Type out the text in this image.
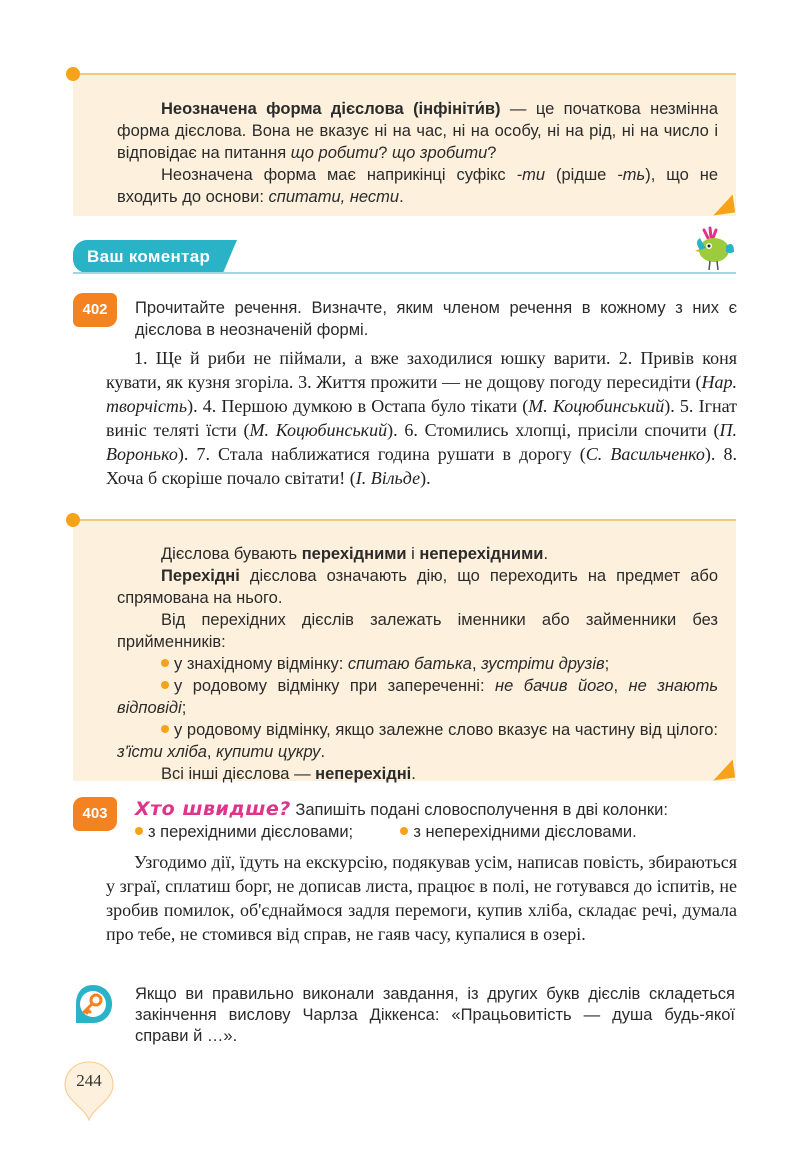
Неозначена форма дієслова (інфініти́в) — це початкова незмінна форма дієслова. Вона не вказує ні на час, ні на особу, ні на рід, ні на число і відповідає на питання що робити? що зробити?

Неозначена форма має наприкінці суфікс -ти (рідше -ть), що не входить до основи: спитати, нести.

Ваш коментар
402	Прочитайте речення. Визначте, яким членом речення в кожному з них є дієслова в неозначеній формі.
1. Ще й риби не піймали, а вже заходилися юшку варити. 2. Привів коня кувати, як кузня згоріла. 3. Життя прожити — не дощову погоду пересидіти (Нар. творчість). 4. Першою думкою в Остапа було тікати (М. Коцюбинський). 5. Ігнат виніс теляті їсти (М. Коцюбинський). 6. Стомились хлопці, присіли спочити (П. Воронько). 7. Стала наближатися година рушати в дорогу (С. Васильченко). 8. Хоча б скоріше почало світати! (І. Вільде).

Дієслова бувають перехідними і неперехідними.

Перехідні дієслова означають дію, що переходить на предмет або спрямована на нього.

Від перехідних дієслів залежать іменники або займенники без прийменників:

у знахідному відмінку: спитаю батька, зустріти друзів;

у родовому відмінку при запереченні: не бачив його, не знають відповіді;

у родовому відмінку, якщо залежне слово вказує на частину від цілого: з'їсти хліба, купити цукру.

Всі інші дієслова — неперехідні.

403	Хто швидше? Запишіть подані словосполучення в дві колонки:
з перехідними дієсловами;	з неперехідними дієсловами.
Узгодимо дії, їдуть на екскурсію, подякував усім, написав повість, збираються у зграї, сплатиш борг, не дописав листа, працює в полі, не готувався до іспитів, не зробив помилок, об'єднаймося задля перемоги, купив хліба, складає речі, думала про тебе, не стомився від справ, не гаяв часу, купалися в озері.
Якщо ви правильно виконали завдання, із других букв дієслів складеться закінчення вислову Чарлза Діккенса: «Працьовитість — душа будь-якої справи й …».
244
